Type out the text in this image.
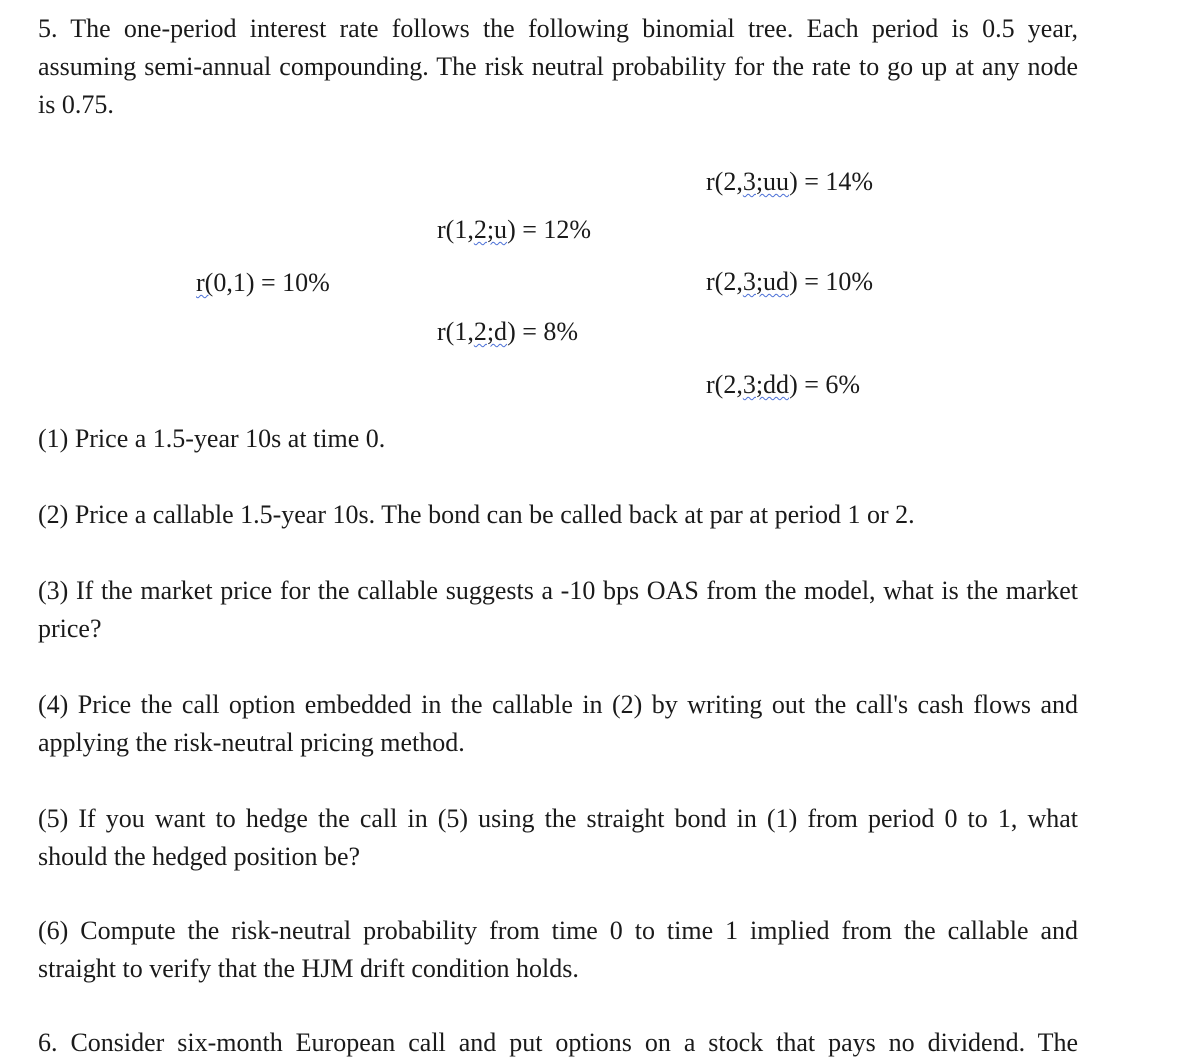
5. The one-period interest rate follows the following binomial tree. Each period is 0.5 year, assuming semi-annual compounding. The risk neutral probability for the rate to go up at any node is 0.75.

r(0,1) = 10%
r(1,2;u) = 12%
r(1,2;d) = 8%
r(2,3;uu) = 14%
r(2,3;ud) = 10%
r(2,3;dd) = 6%

(1) Price a 1.5-year 10s at time 0.

(2) Price a callable 1.5-year 10s. The bond can be called back at par at period 1 or 2.

(3) If the market price for the callable suggests a -10 bps OAS from the model, what is the market price?

(4) Price the call option embedded in the callable in (2) by writing out the call's cash flows and applying the risk-neutral pricing method.

(5) If you want to hedge the call in (5) using the straight bond in (1) from period 0 to 1, what should the hedged position be?

(6) Compute the risk-neutral probability from time 0 to time 1 implied from the callable and straight to verify that the HJM drift condition holds.

6. Consider six-month European call and put options on a stock that pays no dividend. The
